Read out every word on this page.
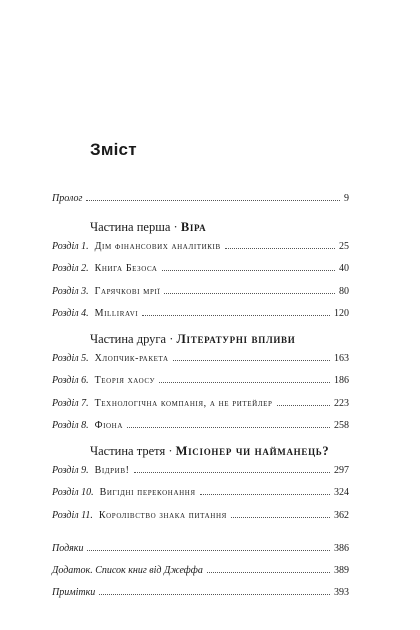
Зміст
Пролог	9
Частина перша · Віра
Розділ 1. Дім фінансових аналітиків	25
Розділ 2. Книга Безоса	40
Розділ 3. Гарячкові мрії	80
Розділ 4. Milliravi	120
Частина друга · Літературні впливи
Розділ 5. Хлопчик-ракета	163
Розділ 6. Теорія хаосу	186
Розділ 7. Технологічна компанія, а не ритейлер	223
Розділ 8. Фіона	258
Частина третя · Місіонер чи найманець?
Розділ 9. Відрив!	297
Розділ 10. Вигідні переконання	324
Розділ 11. Королівство знака питання	362
Подяки	386
Додаток. Список книг від Джеффа	389
Примітки	393
